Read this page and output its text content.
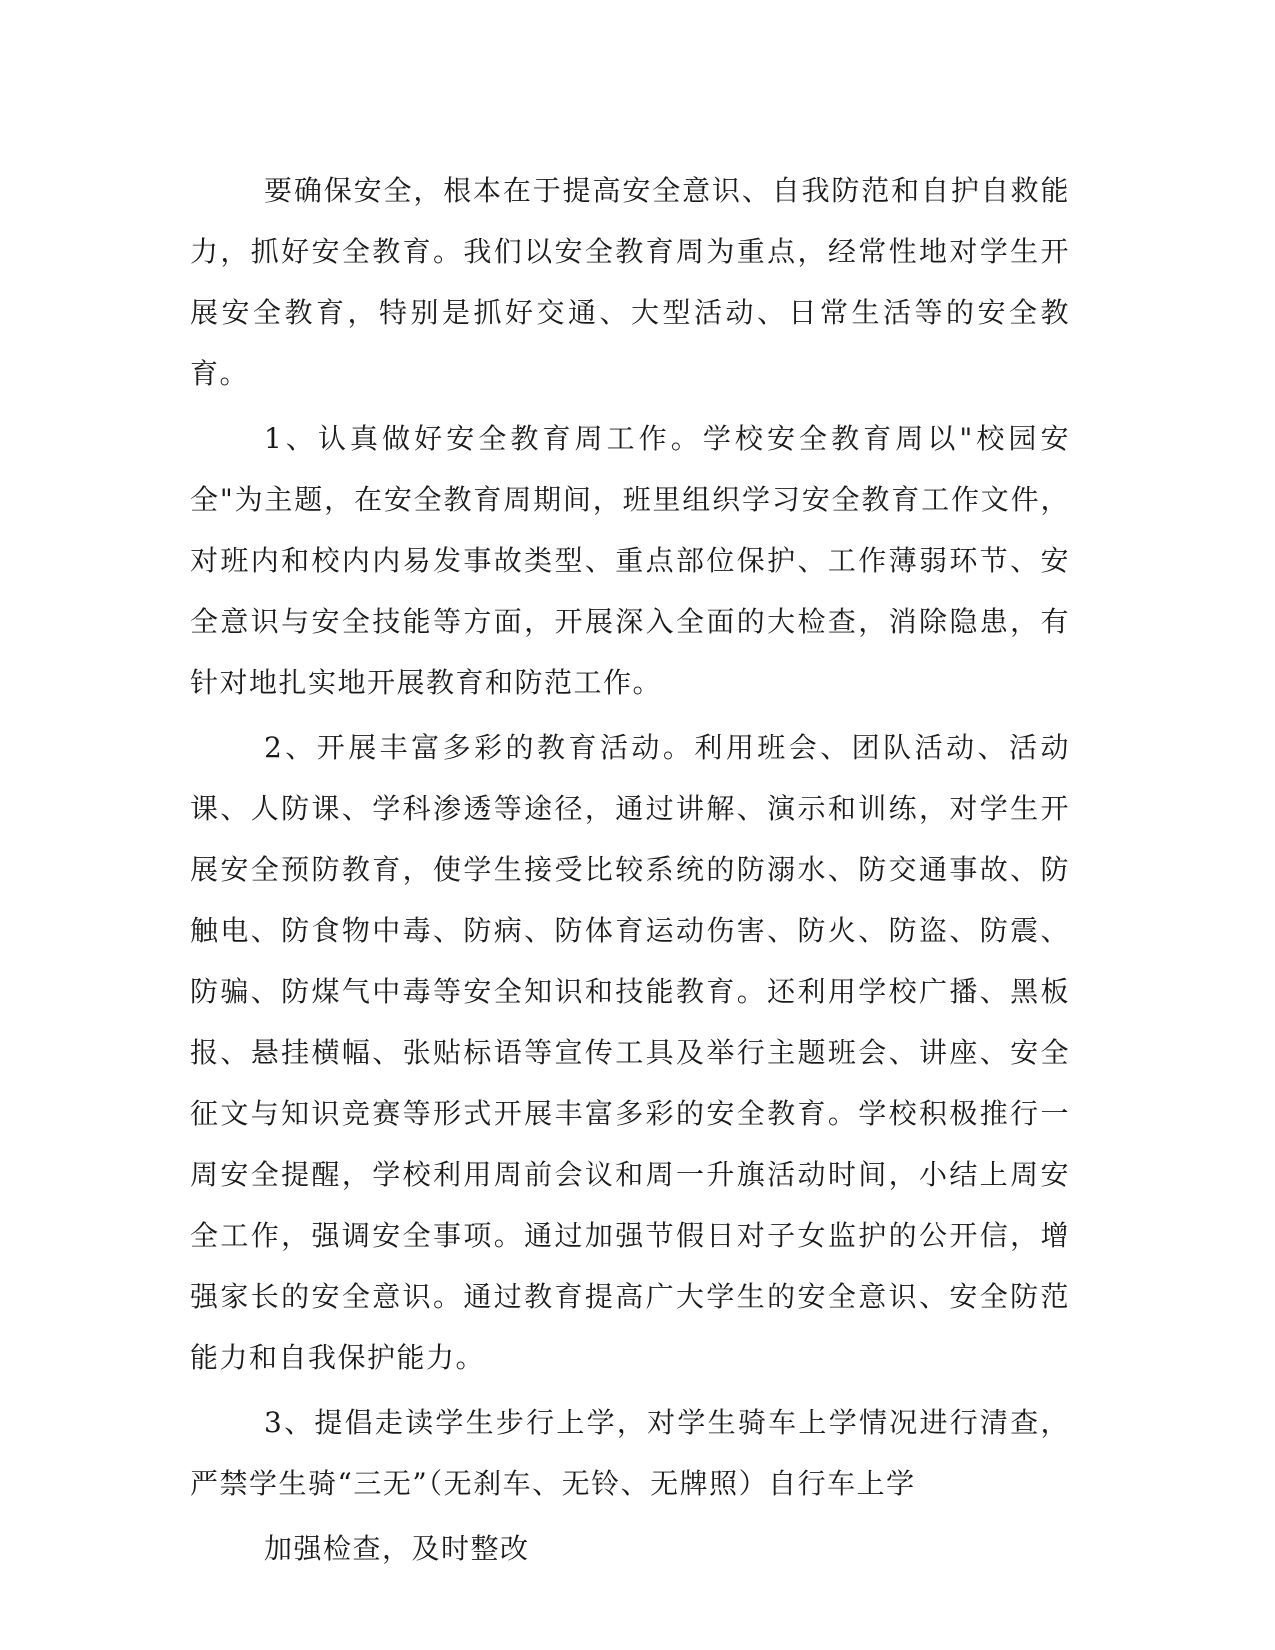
要确保安全，根本在于提高安全意识、自我防范和自护自救能力，抓好安全教育。我们以安全教育周为重点，经常性地对学生开展安全教育，特别是抓好交通、大型活动、日常生活等的安全教育。

1、认真做好安全教育周工作。学校安全教育周以"校园安全"为主题，在安全教育周期间，班里组织学习安全教育工作文件，对班内和校内内易发事故类型、重点部位保护、工作薄弱环节、安全意识与安全技能等方面，开展深入全面的大检查，消除隐患，有针对地扎实地开展教育和防范工作。

2、开展丰富多彩的教育活动。利用班会、团队活动、活动课、人防课、学科渗透等途径，通过讲解、演示和训练，对学生开展安全预防教育，使学生接受比较系统的防溺水、防交通事故、防触电、防食物中毒、防病、防体育运动伤害、防火、防盗、防震、防骗、防煤气中毒等安全知识和技能教育。还利用学校广播、黑板报、悬挂横幅、张贴标语等宣传工具及举行主题班会、讲座、安全征文与知识竞赛等形式开展丰富多彩的安全教育。学校积极推行一周安全提醒，学校利用周前会议和周一升旗活动时间，小结上周安全工作，强调安全事项。通过加强节假日对子女监护的公开信，增强家长的安全意识。通过教育提高广大学生的安全意识、安全防范能力和自我保护能力。

3、提倡走读学生步行上学，对学生骑车上学情况进行清查，严禁学生骑“三无”（无刹车、无铃、无牌照）自行车上学

加强检查，及时整改
